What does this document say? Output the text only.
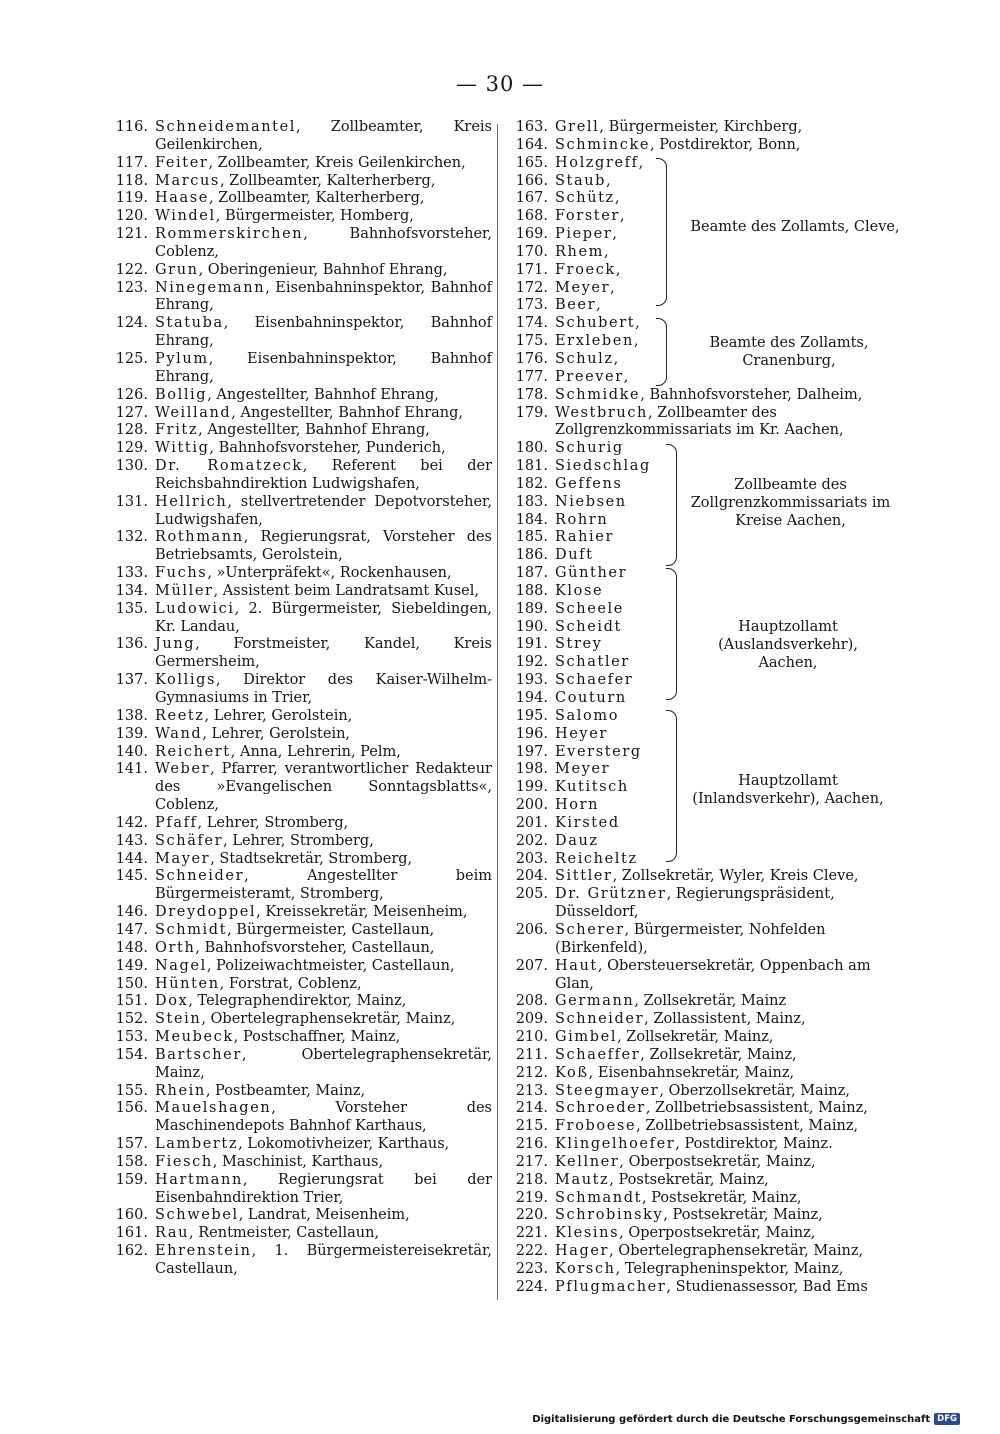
— 30 —
116. Schneidemantel, Zollbeamter, Kreis Geilenkirchen,
117. Feiter, Zollbeamter, Kreis Geilenkirchen,
118. Marcus, Zollbeamter, Kalterherberg,
119. Haase, Zollbeamter, Kalterherberg,
120. Windel, Bürgermeister, Homberg,
121. Rommerskirchen, Bahnhofsvorsteher, Coblenz,
122. Grun, Oberingenieur, Bahnhof Ehrang,
123. Ninegemann, Eisenbahninspektor, Bahnhof Ehrang,
124. Statuba, Eisenbahninspektor, Bahnhof Ehrang,
125. Pylum, Eisenbahninspektor, Bahnhof Ehrang,
126. Bollig, Angestellter, Bahnhof Ehrang,
127. Weilland, Angestellter, Bahnhof Ehrang,
128. Fritz, Angestellter, Bahnhof Ehrang,
129. Wittig, Bahnhofsvorsteher, Punderich,
130. Dr. Romatzeck, Referent bei der Reichsbahndirektion Ludwigshafen,
131. Hellrich, stellvertretender Depotvorsteher, Ludwigshafen,
132. Rothmann, Regierungsrat, Vorsteher des Betriebsamts, Gerolstein,
133. Fuchs, »Unterpräfekt«, Rockenhausen,
134. Müller, Assistent beim Landratsamt Kusel,
135. Ludowici, 2. Bürgermeister, Siebeldingen, Kr. Landau,
136. Jung, Forstmeister, Kandel, Kreis Germersheim,
137. Kolligs, Direktor des Kaiser-Wilhelm-Gymnasiums in Trier,
138. Reetz, Lehrer, Gerolstein,
139. Wand, Lehrer, Gerolstein,
140. Reichert, Anna, Lehrerin, Pelm,
141. Weber, Pfarrer, verantwortlicher Redakteur des »Evangelischen Sonntagsblatts«, Coblenz,
142. Pfaff, Lehrer, Stromberg,
143. Schäfer, Lehrer, Stromberg,
144. Mayer, Stadtsekretär, Stromberg,
145. Schneider, Angestellter beim Bürgermeisteramt, Stromberg,
146. Dreydoppel, Kreissekretär, Meisenheim,
147. Schmidt, Bürgermeister, Castellaun,
148. Orth, Bahnhofsvorsteher, Castellaun,
149. Nagel, Polizeiwachtmeister, Castellaun,
150. Hünten, Forstrat, Coblenz,
151. Dox, Telegraphendirektor, Mainz,
152. Stein, Obertelegraphensekretär, Mainz,
153. Meubeck, Postschaffner, Mainz,
154. Bartscher, Obertelegraphensekretär, Mainz,
155. Rhein, Postbeamter, Mainz,
156. Mauelshagen, Vorsteher des Maschinendepots Bahnhof Karthaus,
157. Lambertz, Lokomotivheizer, Karthaus,
158. Fiesch, Maschinist, Karthaus,
159. Hartmann, Regierungsrat bei der Eisenbahndirektion Trier,
160. Schwebel, Landrat, Meisenheim,
161. Rau, Rentmeister, Castellaun,
162. Ehrenstein, 1. Bürgermeistereisekretär, Castellaun,
163. Grell, Bürgermeister, Kirchberg,
164. Schmincke, Postdirektor, Bonn,
165. Holzgreff,
166. Staub,
167. Schütz,
168. Forster,
169. Pieper,
170. Rhem,
171. Froeck,
172. Meyer,
173. Beer,
174. Schubert,
175. Erxleben,
176. Schulz,
177. Preever,
178. Schmidke, Bahnhofsvorsteher, Dalheim,
179. Westbruch, Zollbeamter des Zollgrenzkommissariats im Kr. Aachen,
180. Schurig
181. Siedschlag
182. Geffens
183. Niebsen
184. Rohrn
185. Rahier
186. Duft
187. Günther
188. Klose
189. Scheele
190. Scheidt
191. Strey
192. Schatler
193. Schaefer
194. Couturn
195. Salomo
196. Heyer
197. Eversterg
198. Meyer
199. Kutitsch
200. Horn
201. Kirsted
202. Dauz
203. Reicheltz
204. Sittler, Zollsekretär, Wyler, Kreis Cleve,
205. Dr. Grützner, Regierungspräsident, Düsseldorf,
206. Scherer, Bürgermeister, Nohfelden (Birkenfeld),
207. Haut, Obersteuersekretär, Oppenbach am Glan,
208. Germann, Zollsekretär, Mainz
209. Schneider, Zollassistent, Mainz,
210. Gimbel, Zollsekretär, Mainz,
211. Schaeffer, Zollsekretär, Mainz,
212. Koß, Eisenbahnsekretär, Mainz,
213. Steegmayer, Oberzollsekretär, Mainz,
214. Schroeder, Zollbetriebsassistent, Mainz,
215. Froboese, Zollbetriebsassistent, Mainz,
216. Klingelhoefer, Postdirektor, Mainz.
217. Kellner, Oberpostsekretär, Mainz,
218. Mautz, Postsekretär, Mainz,
219. Schmandt, Postsekretär, Mainz,
220. Schrobinsky, Postsekretär, Mainz,
221. Klesins, Operpostsekretär, Mainz,
222. Hager, Obertelegraphensekretär, Mainz,
223. Korsch, Telegrapheninspektor, Mainz,
224. Pflugmacher, Studienassessor, Bad Ems
Beamte des Zollamts, Cleve,
Beamte des Zollamts, Cranenburg,
Zollbeamte des Zollgrenzkommissariats im Kreise Aachen,
Hauptzollamt (Auslandsverkehr), Aachen,
Hauptzollamt (Inlandsverkehr), Aachen,
Digitalisierung gefördert durch die Deutsche Forschungsgemeinschaft DFG
